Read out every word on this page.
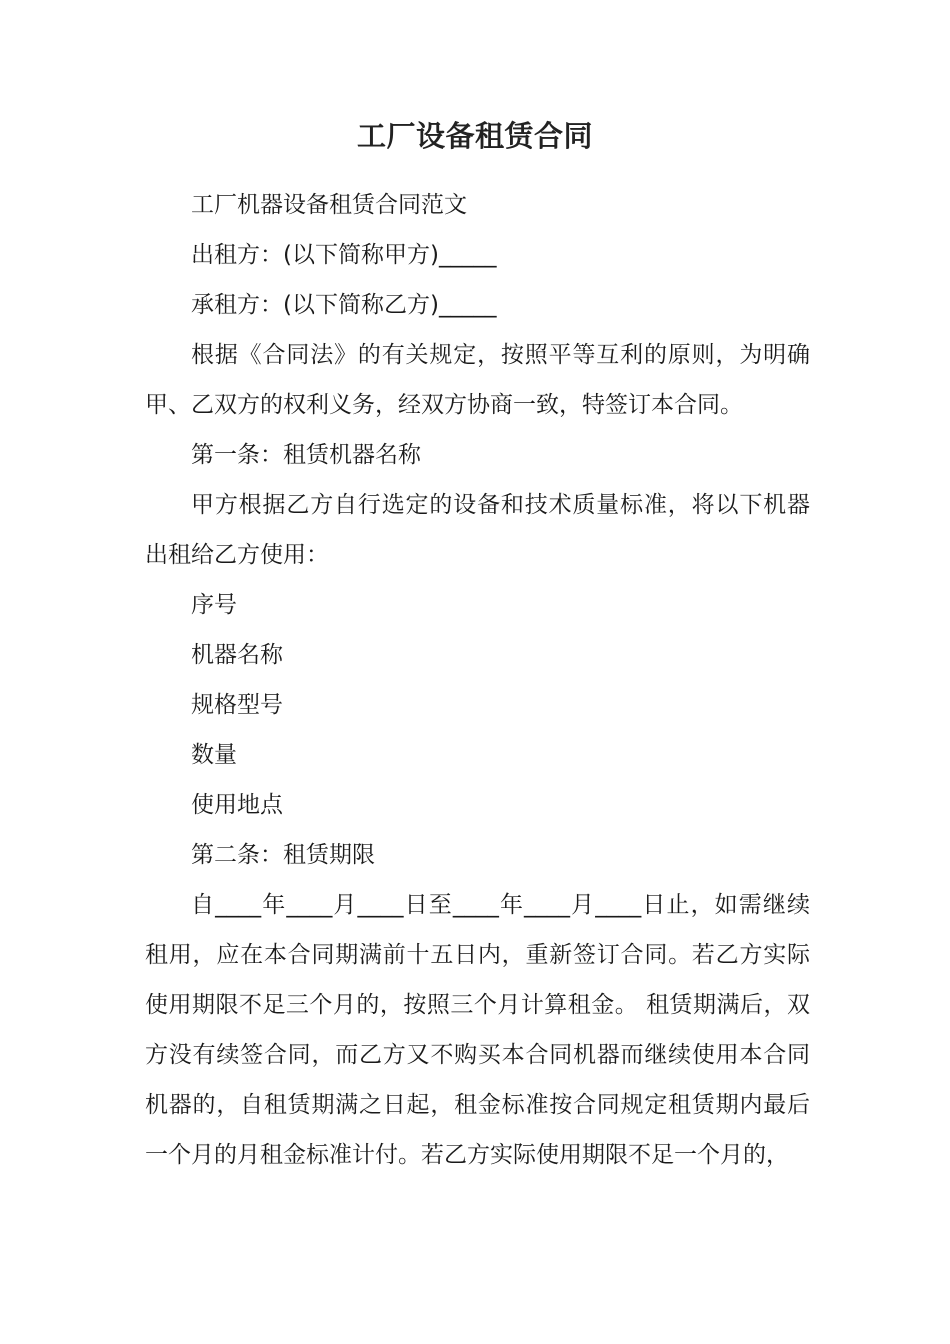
工厂设备租赁合同

工厂机器设备租赁合同范文

出租方：(以下简称甲方)_____

承租方：(以下简称乙方)_____

根据《合同法》的有关规定，按照平等互利的原则，为明确甲、乙双方的权利义务，经双方协商一致，特签订本合同。

第一条：租赁机器名称

甲方根据乙方自行选定的设备和技术质量标准，将以下机器出租给乙方使用：

序号

机器名称

规格型号

数量

使用地点

第二条：租赁期限

自____年____月____日至____年____月____日止，如需继续租用，应在本合同期满前十五日内，重新签订合同。若乙方实际使用期限不足三个月的，按照三个月计算租金。 租赁期满后，双方没有续签合同，而乙方又不购买本合同机器而继续使用本合同机器的，自租赁期满之日起，租金标准按合同规定租赁期内最后一个月的月租金标准计付。若乙方实际使用期限不足一个月的，
